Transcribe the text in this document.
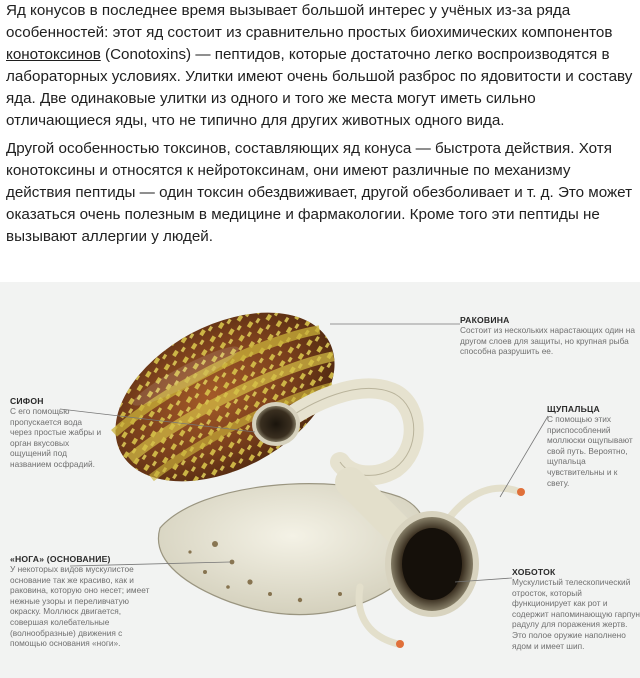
Яд конусов в последнее время вызывает большой интерес у учёных из-за ряда особенностей: этот яд состоит из сравнительно простых биохимических компонентов конотоксинов (Conotoxins) — пептидов, которые достаточно легко воспроизводятся в лабораторных условиях. Улитки имеют очень большой разброс по ядовитости и составу яда. Две одинаковые улитки из одного и того же места могут иметь сильно отличающиеся яды, что не типично для других животных одного вида.

Другой особенностью токсинов, составляющих яд конуса — быстрота действия. Хотя конотоксины и относятся к нейротоксинам, они имеют различные по механизму действия пептиды — один токсин обездвиживает, другой обезболивает и т. д. Это может оказаться очень полезным в медицине и фармакологии. Кроме того эти пептиды не вызывают аллергии у людей.

РАКОВИНА
Состоит из нескольких нарастающих один на другом слоев для защиты, но крупная рыба способна разрушить ее.
ЩУПАЛЬЦА
С помощью этих приспособлений моллюски ощупывают свой путь. Вероятно, щупальца чувствительны и к свету.
СИФОН
С его помощью пропускается вода через простые жабры и орган вкусовых ощущений под названием осфрадий.
«НОГА» (ОСНОВАНИЕ)
У некоторых видов мускулистое основание так же красиво, как и раковина, которую оно несет; имеет нежные узоры и переливчатую окраску. Моллюск двигается, совершая колебательные (волнообразные) движения с помощью основания «ноги».
ХОБОТОК
Мускулистый телескопический отросток, который функционирует как рот и содержит напоминающую гарпун радулу для поражения жертв. Это полое оружие наполнено ядом и имеет шип.
